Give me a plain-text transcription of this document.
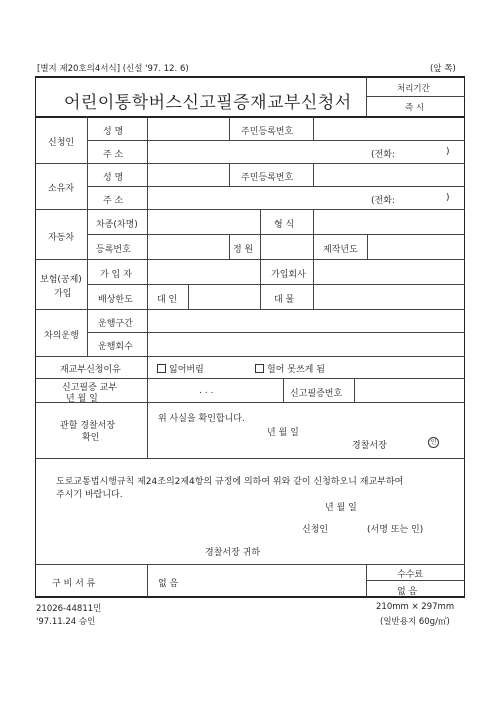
[별지 제20호의4서식] (신설 '97. 12. 6)	(앞 쪽)
어린이통학버스신고필증재교부신청서
처리기간
즉 시
신청인
성 명	주민등록번호
주 소	(전화:	)
소유자
성 명	주민등록번호
주 소	(전화:	)
자동차
차종(차명)	형 식
등록번호	정 원	제작년도
보험(공제)
가입
가 입 자	가입회사
배상한도	대 인	대 물
차의운행
운행구간
운행회수
재교부신청이유	잃어버림	헐어 못쓰게 됨
신고필증 교부
년 월 일
. . .	신고필증번호
관할 경찰서장
확인
위 사실을 확인합니다.
년 월 일
경찰서장	인
도로교통법시행규칙 제24조의2제4항의 규정에 의하여 위와 같이 신청하오니 재교부하여
주시기 바랍니다.
년 월 일
신청인	(서명 또는 인)
경찰서장 귀하
구 비 서 류	없 음
수수료
없 음
21026-44811민
'97.11.24 승인
210mm × 297mm
(일반용지 60g/㎡)
